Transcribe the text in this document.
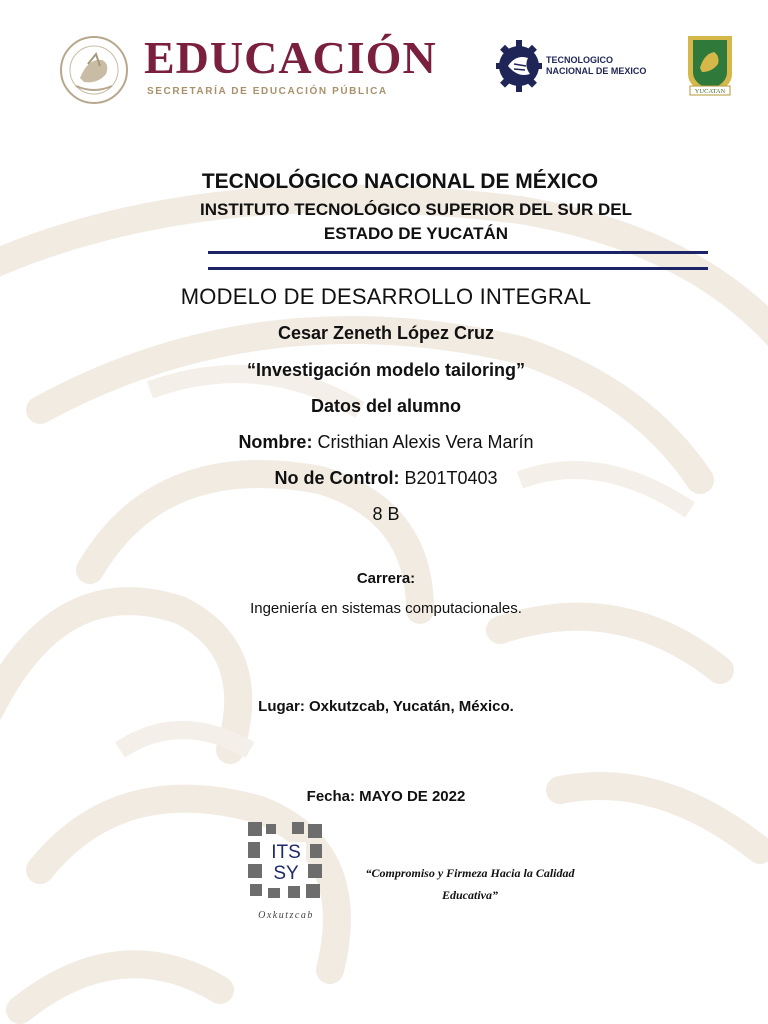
EDUCACIÓN
SECRETARÍA DE EDUCACIÓN PÚBLICA
TECNOLOGICO
NACIONAL DE MEXICO
YUCATAN
TECNOLÓGICO NACIONAL DE MÉXICO
INSTITUTO TECNOLÓGICO SUPERIOR DEL SUR DEL
ESTADO DE YUCATÁN
MODELO DE DESARROLLO INTEGRAL
Cesar Zeneth López Cruz
“Investigación modelo tailoring”
Datos del alumno
Nombre: Cristhian Alexis Vera Marín
No de Control: B201T0403
8 B
Carrera:
Ingeniería en sistemas computacionales.
Lugar: Oxkutzcab, Yucatán, México.
Fecha: MAYO DE 2022
ITS
SY
Oxkutzcab
“Compromiso y Firmeza Hacia la Calidad
Educativa”
